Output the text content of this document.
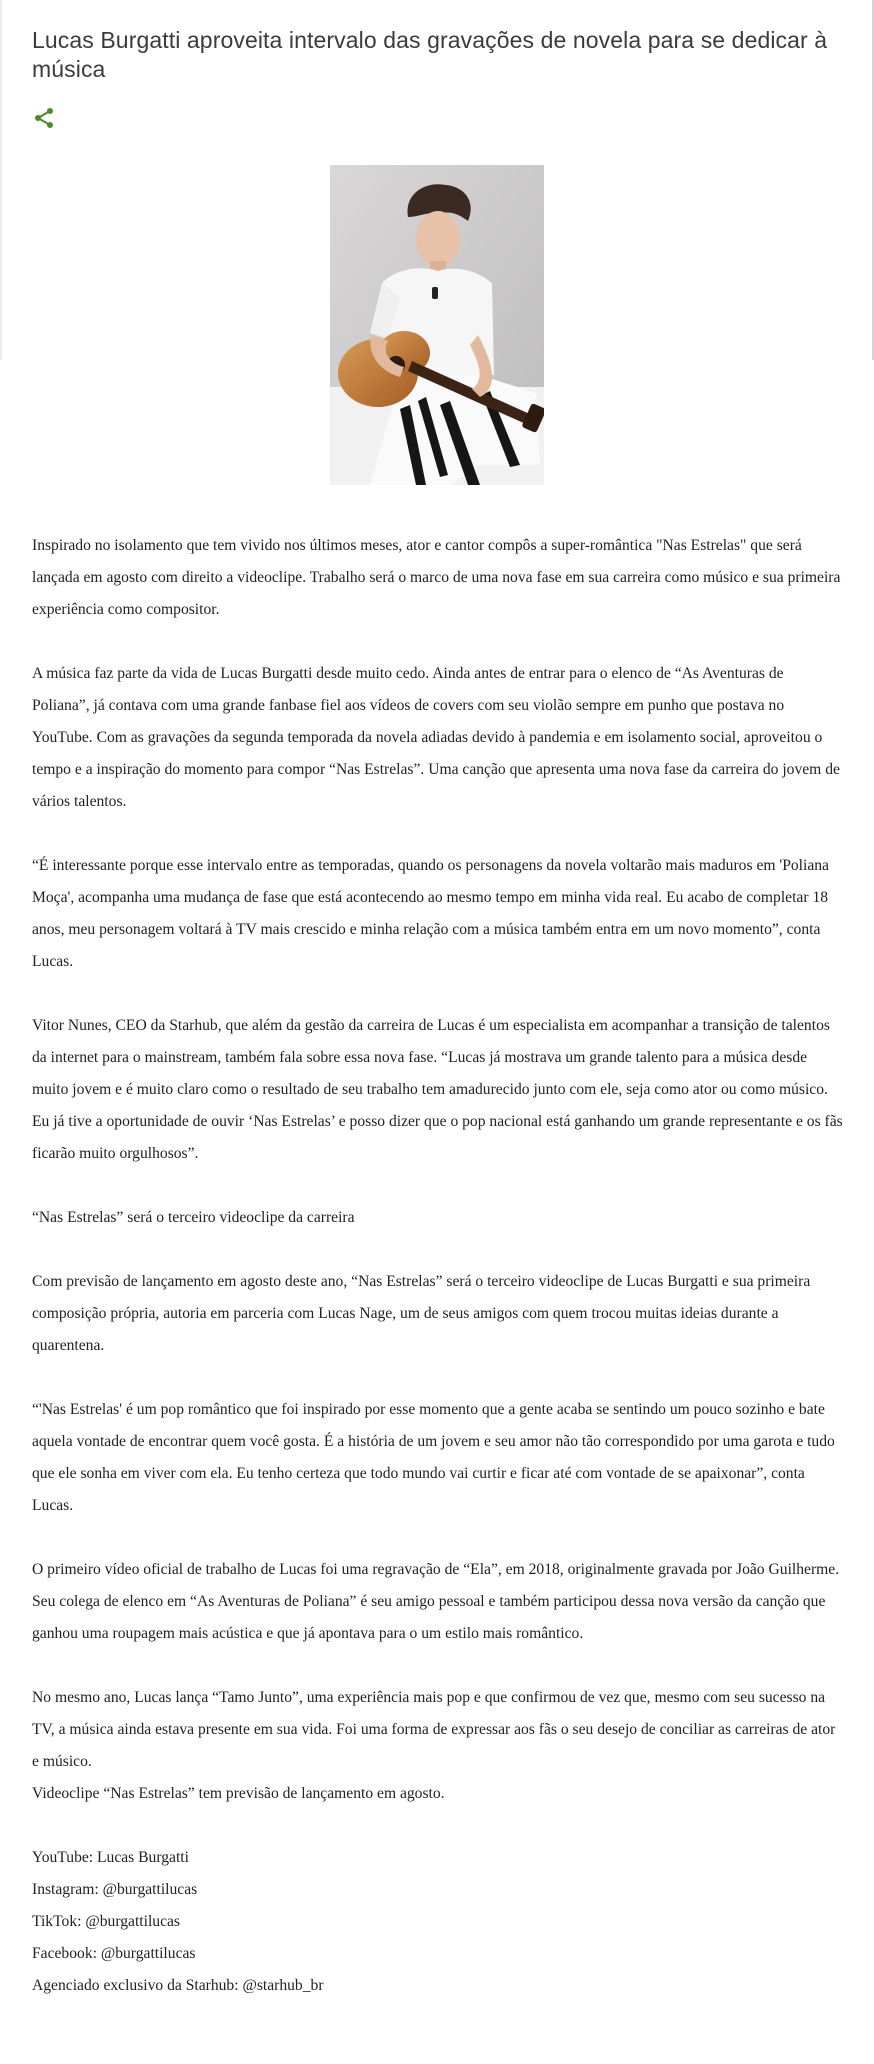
Lucas Burgatti aproveita intervalo das gravações de novela para se dedicar à música

Inspirado no isolamento que tem vivido nos últimos meses, ator e cantor compôs a super-romântica "Nas Estrelas" que será lançada em agosto com direito a videoclipe. Trabalho será o marco de uma nova fase em sua carreira como músico e sua primeira experiência como compositor.

A música faz parte da vida de Lucas Burgatti desde muito cedo. Ainda antes de entrar para o elenco de “As Aventuras de Poliana”, já contava com uma grande fanbase fiel aos vídeos de covers com seu violão sempre em punho que postava no YouTube. Com as gravações da segunda temporada da novela adiadas devido à pandemia e em isolamento social, aproveitou o tempo e a inspiração do momento para compor “Nas Estrelas”. Uma canção que apresenta uma nova fase da carreira do jovem de vários talentos.

“É interessante porque esse intervalo entre as temporadas, quando os personagens da novela voltarão mais maduros em 'Poliana Moça', acompanha uma mudança de fase que está acontecendo ao mesmo tempo em minha vida real. Eu acabo de completar 18 anos, meu personagem voltará à TV mais crescido e minha relação com a música também entra em um novo momento”, conta Lucas.

Vitor Nunes, CEO da Starhub, que além da gestão da carreira de Lucas é um especialista em acompanhar a transição de talentos da internet para o mainstream, também fala sobre essa nova fase. “Lucas já mostrava um grande talento para a música desde muito jovem e é muito claro como o resultado de seu trabalho tem amadurecido junto com ele, seja como ator ou como músico. Eu já tive a oportunidade de ouvir ‘Nas Estrelas’ e posso dizer que o pop nacional está ganhando um grande representante e os fãs ficarão muito orgulhosos”.

“Nas Estrelas” será o terceiro videoclipe da carreira

Com previsão de lançamento em agosto deste ano, “Nas Estrelas” será o terceiro videoclipe de Lucas Burgatti e sua primeira composição própria, autoria em parceria com Lucas Nage, um de seus amigos com quem trocou muitas ideias durante a quarentena.

“'Nas Estrelas' é um pop romântico que foi inspirado por esse momento que a gente acaba se sentindo um pouco sozinho e bate aquela vontade de encontrar quem você gosta. É a história de um jovem e seu amor não tão correspondido por uma garota e tudo que ele sonha em viver com ela. Eu tenho certeza que todo mundo vai curtir e ficar até com vontade de se apaixonar”, conta Lucas.

O primeiro vídeo oficial de trabalho de Lucas foi uma regravação de “Ela”, em 2018, originalmente gravada por João Guilherme. Seu colega de elenco em “As Aventuras de Poliana” é seu amigo pessoal e também participou dessa nova versão da canção que ganhou uma roupagem mais acústica e que já apontava para o um estilo mais romântico.

No mesmo ano, Lucas lança “Tamo Junto”, uma experiência mais pop e que confirmou de vez que, mesmo com seu sucesso na TV, a música ainda estava presente em sua vida. Foi uma forma de expressar aos fãs o seu desejo de conciliar as carreiras de ator e músico.

Videoclipe “Nas Estrelas” tem previsão de lançamento em agosto.

YouTube: Lucas Burgatti
Instagram: @burgattilucas
TikTok: @burgattilucas
Facebook: @burgattilucas
Agenciado exclusivo da Starhub: @starhub_br
